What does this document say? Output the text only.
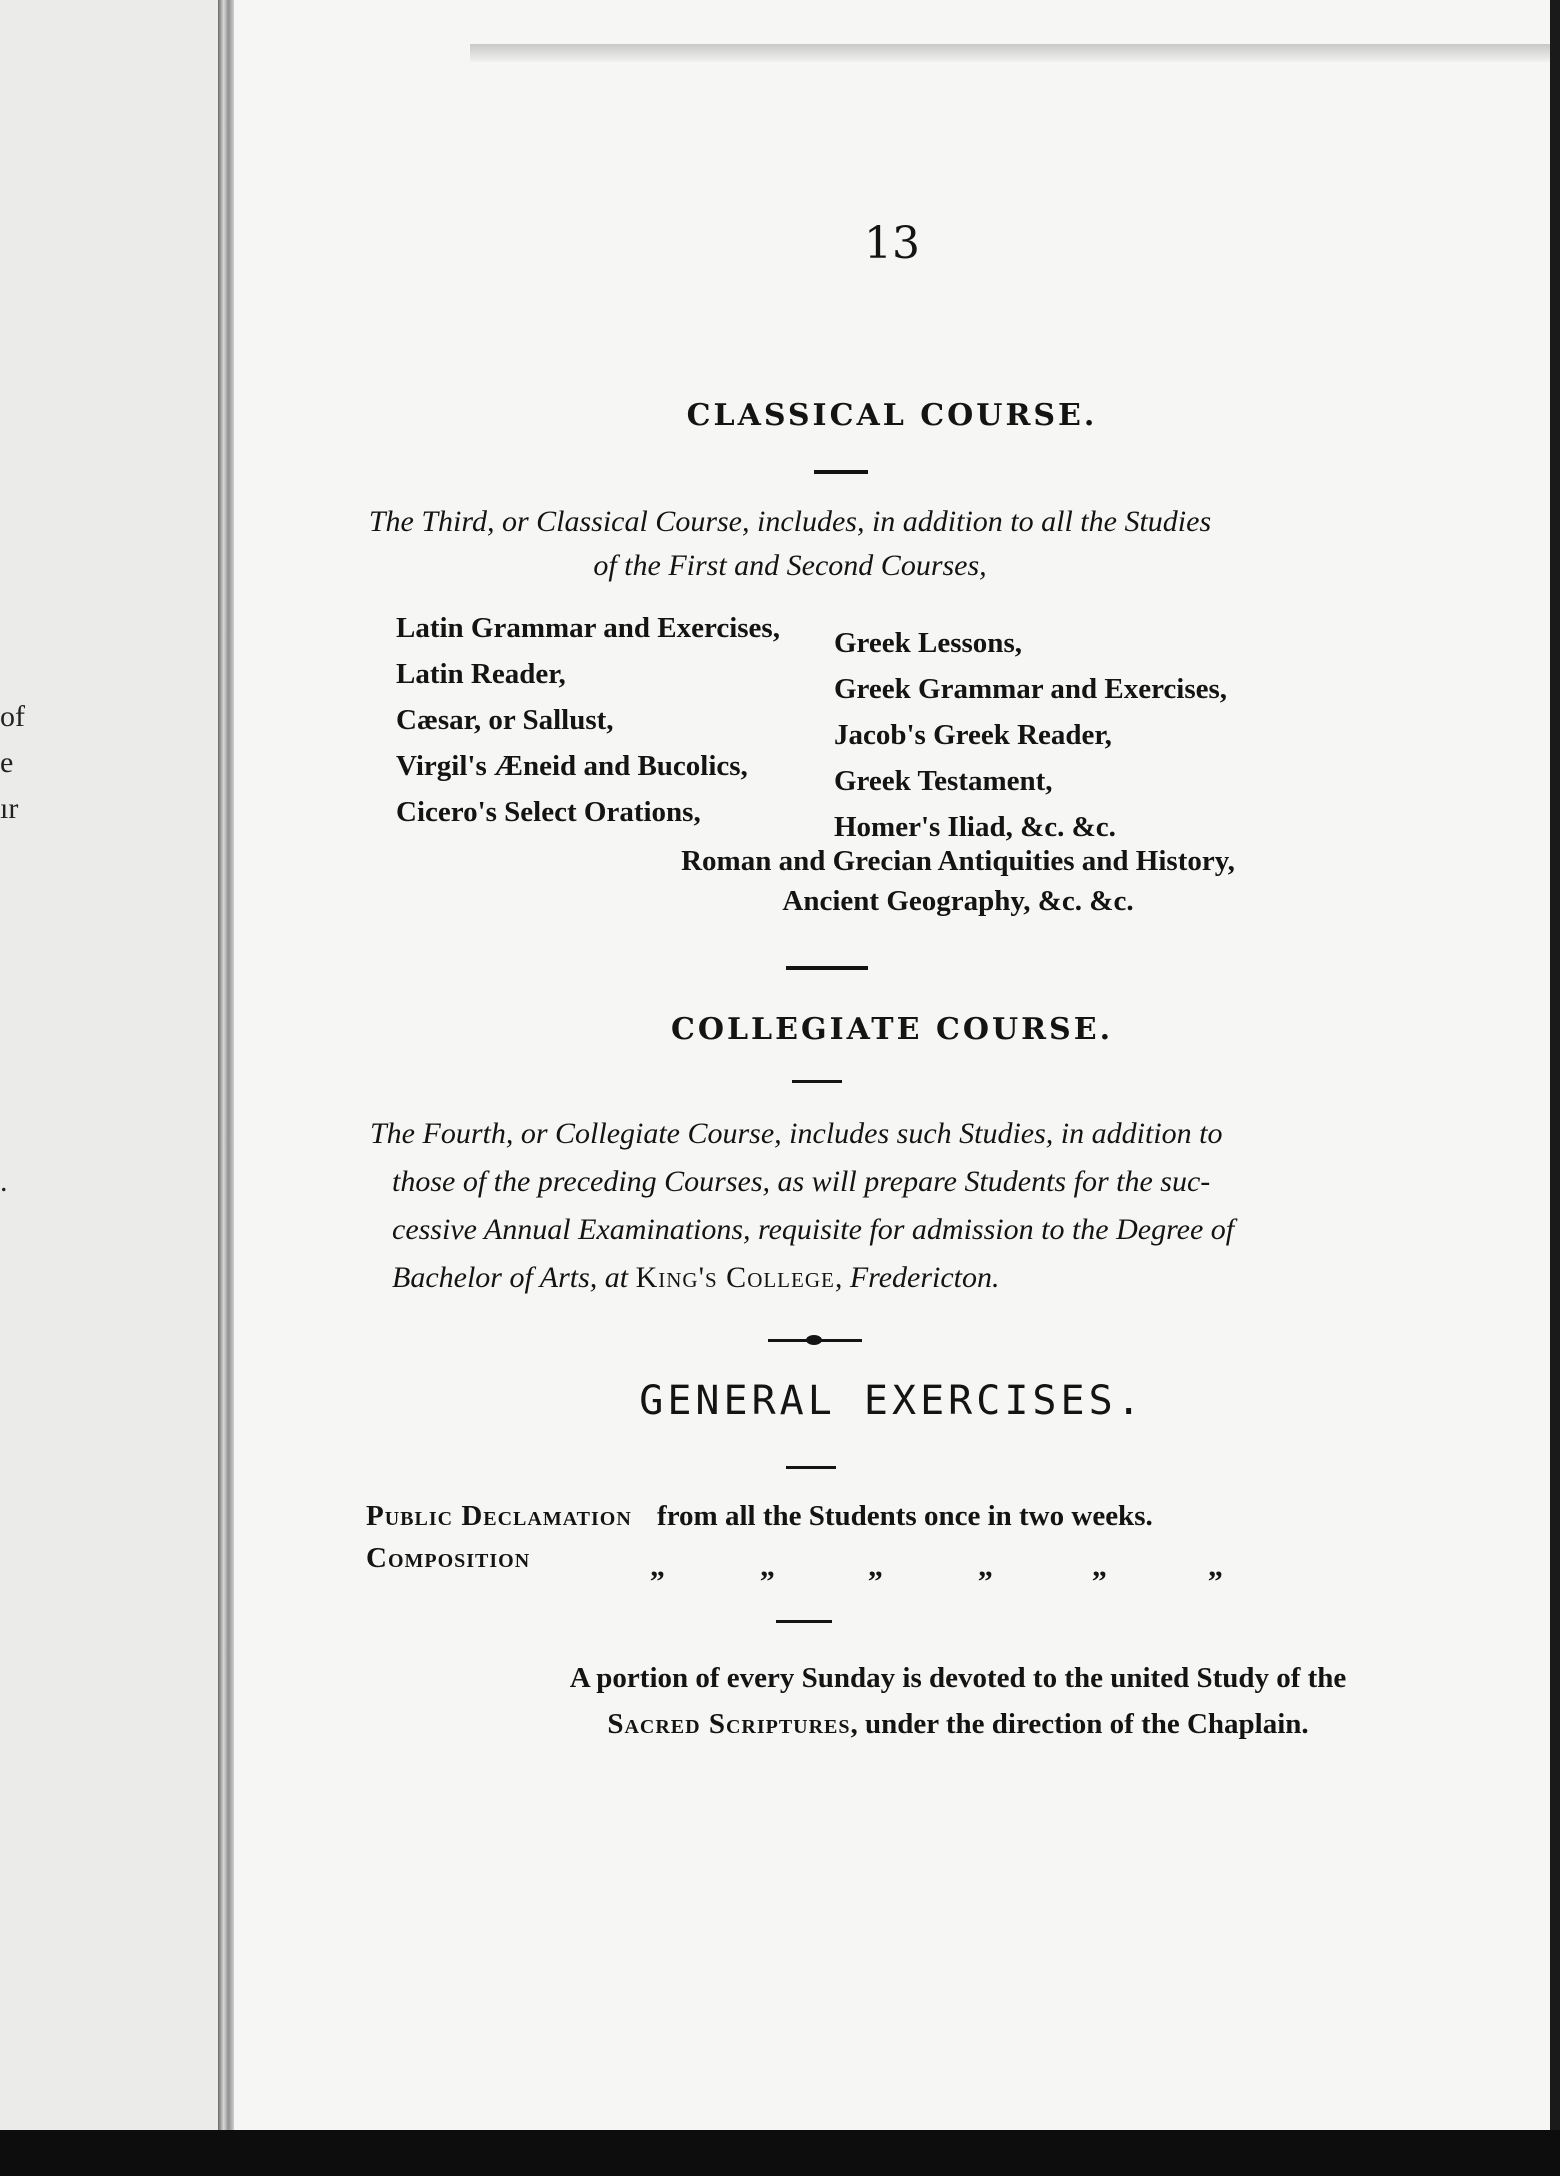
of
e
ır
.
13
CLASSICAL COURSE.
The Third, or Classical Course, includes, in addition to all the Studies
of the First and Second Courses,
Latin Grammar and Exercises,
Latin Reader,
Cæsar, or Sallust,
Virgil's Æneid and Bucolics,
Cicero's Select Orations,
Greek Lessons,
Greek Grammar and Exercises,
Jacob's Greek Reader,
Greek Testament,
Homer's Iliad, &c. &c.
Roman and Grecian Antiquities and History,
Ancient Geography, &c. &c.
COLLEGIATE COURSE.
The Fourth, or Collegiate Course, includes such Studies, in addition to
those of the preceding Courses, as will prepare Students for the suc-
cessive Annual Examinations, requisite for admission to the Degree of
Bachelor of Arts, at King's College, Fredericton.
GENERAL EXERCISES.
Public Declamation from all the Students once in two weeks.
Composition	„	„	„	„	„	„
A portion of every Sunday is devoted to the united Study of the
Sacred Scriptures, under the direction of the Chaplain.
